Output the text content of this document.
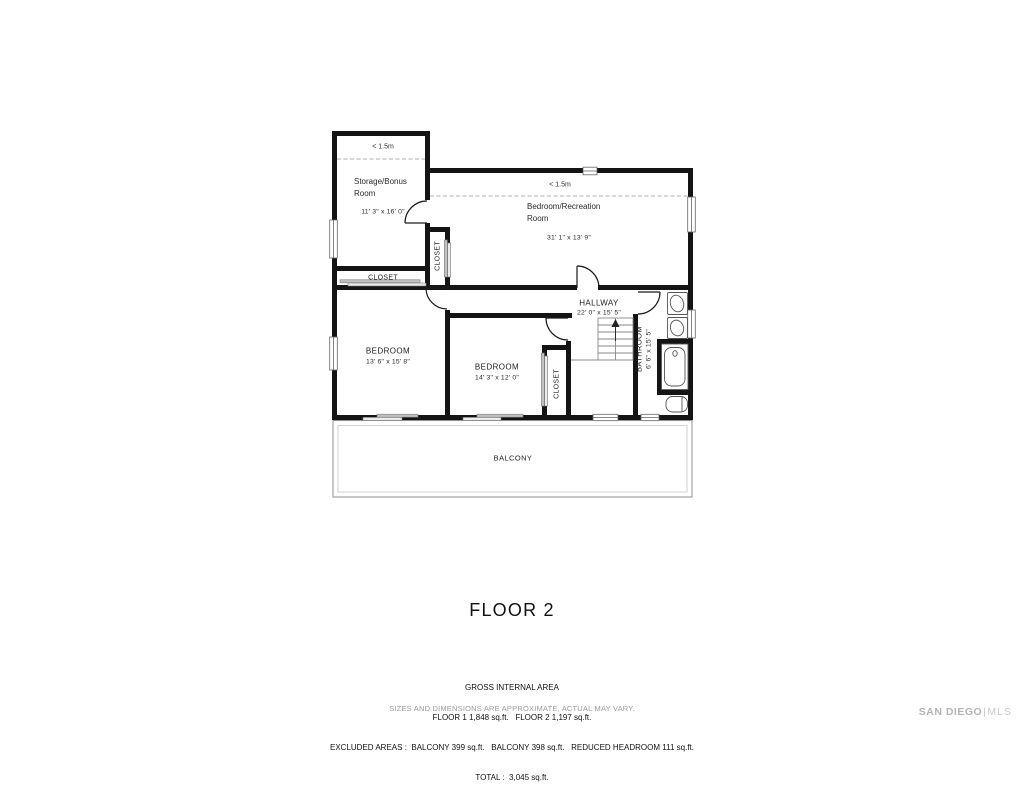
< 1.5m
Storage/Bonus Room
11' 3" x 16' 0"
< 1.5m
Bedroom/Recreation Room
31' 1" x 13' 9"
BEDROOM
13' 6" x 15' 8"
BEDROOM
14' 3" x 12' 0"
HALLWAY
22' 0" x 15' 5"
CLOSET
CLOSET
CLOSET
BATHROOM 6' 6" x 15' 5"
BALCONY
FLOOR 2

GROSS INTERNAL AREA

FLOOR 1 1,848 sq.ft.   FLOOR 2 1,197 sq.ft.

EXCLUDED AREAS :  BALCONY 399 sq.ft.   BALCONY 398 sq.ft.   REDUCED HEADROOM 111 sq.ft.

TOTAL :  3,045 sq.ft.

SIZES AND DIMENSIONS ARE APPROXIMATE, ACTUAL MAY VARY.	SAN DIEGO|MLS
